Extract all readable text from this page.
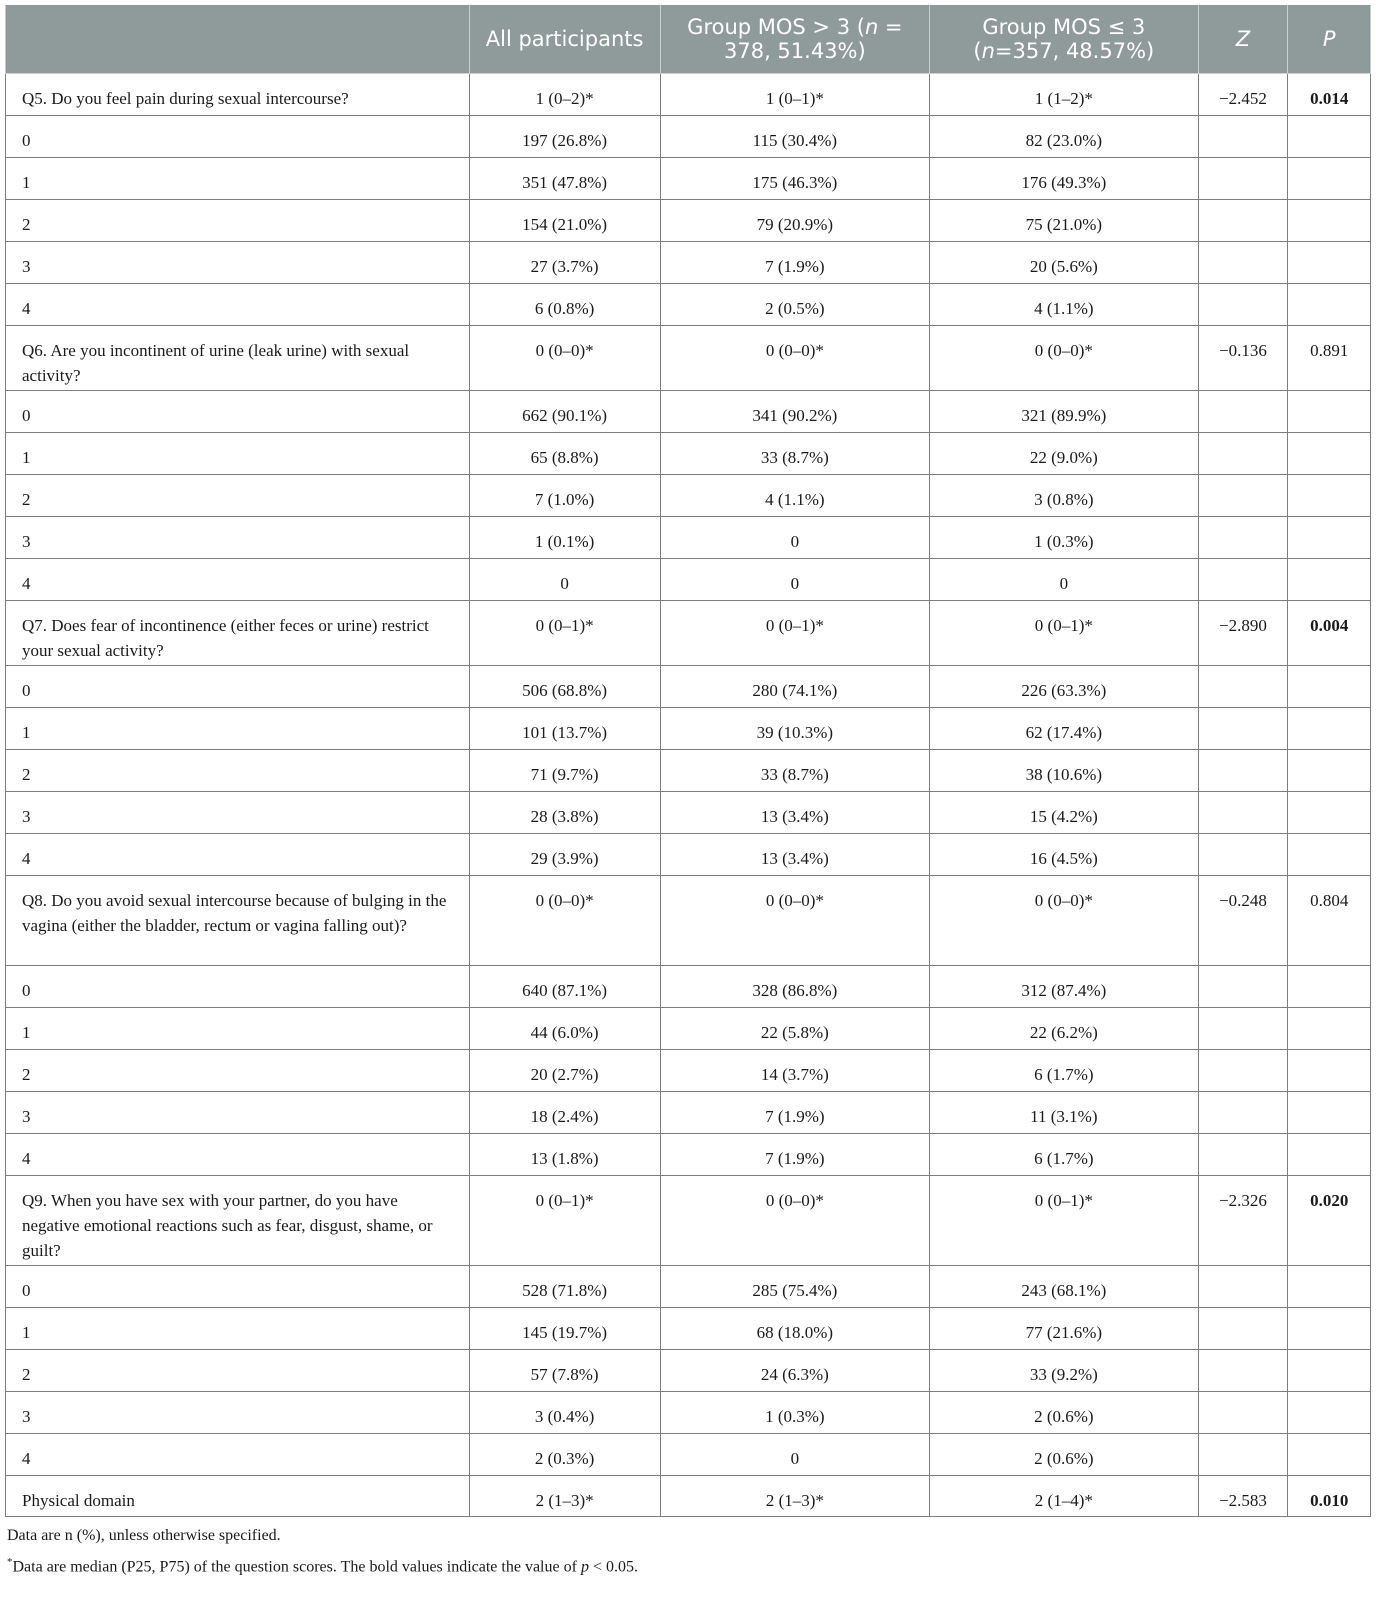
	All participants	Group MOS > 3 (n = 378, 51.43%)	Group MOS ≤ 3 (n=357, 48.57%)	Z	P
Q5. Do you feel pain during sexual intercourse?	1 (0–2)*	1 (0–1)*	1 (1–2)*	−2.452	0.014
0	197 (26.8%)	115 (30.4%)	82 (23.0%)		
1	351 (47.8%)	175 (46.3%)	176 (49.3%)		
2	154 (21.0%)	79 (20.9%)	75 (21.0%)		
3	27 (3.7%)	7 (1.9%)	20 (5.6%)		
4	6 (0.8%)	2 (0.5%)	4 (1.1%)		
Q6. Are you incontinent of urine (leak urine) with sexual activity?	0 (0–0)*	0 (0–0)*	0 (0–0)*	−0.136	0.891
0	662 (90.1%)	341 (90.2%)	321 (89.9%)		
1	65 (8.8%)	33 (8.7%)	22 (9.0%)		
2	7 (1.0%)	4 (1.1%)	3 (0.8%)		
3	1 (0.1%)	0	1 (0.3%)		
4	0	0	0		
Q7. Does fear of incontinence (either feces or urine) restrict your sexual activity?	0 (0–1)*	0 (0–1)*	0 (0–1)*	−2.890	0.004
0	506 (68.8%)	280 (74.1%)	226 (63.3%)		
1	101 (13.7%)	39 (10.3%)	62 (17.4%)		
2	71 (9.7%)	33 (8.7%)	38 (10.6%)		
3	28 (3.8%)	13 (3.4%)	15 (4.2%)		
4	29 (3.9%)	13 (3.4%)	16 (4.5%)		
Q8. Do you avoid sexual intercourse because of bulging in the vagina (either the bladder, rectum or vagina falling out)?	0 (0–0)*	0 (0–0)*	0 (0–0)*	−0.248	0.804
0	640 (87.1%)	328 (86.8%)	312 (87.4%)		
1	44 (6.0%)	22 (5.8%)	22 (6.2%)		
2	20 (2.7%)	14 (3.7%)	6 (1.7%)		
3	18 (2.4%)	7 (1.9%)	11 (3.1%)		
4	13 (1.8%)	7 (1.9%)	6 (1.7%)		
Q9. When you have sex with your partner, do you have negative emotional reactions such as fear, disgust, shame, or guilt?	0 (0–1)*	0 (0–0)*	0 (0–1)*	−2.326	0.020
0	528 (71.8%)	285 (75.4%)	243 (68.1%)		
1	145 (19.7%)	68 (18.0%)	77 (21.6%)		
2	57 (7.8%)	24 (6.3%)	33 (9.2%)		
3	3 (0.4%)	1 (0.3%)	2 (0.6%)		
4	2 (0.3%)	0	2 (0.6%)		
Physical domain	2 (1–3)*	2 (1–3)*	2 (1–4)*	−2.583	0.010
Data are n (%), unless otherwise specified.
*Data are median (P25, P75) of the question scores. The bold values indicate the value of p < 0.05.
